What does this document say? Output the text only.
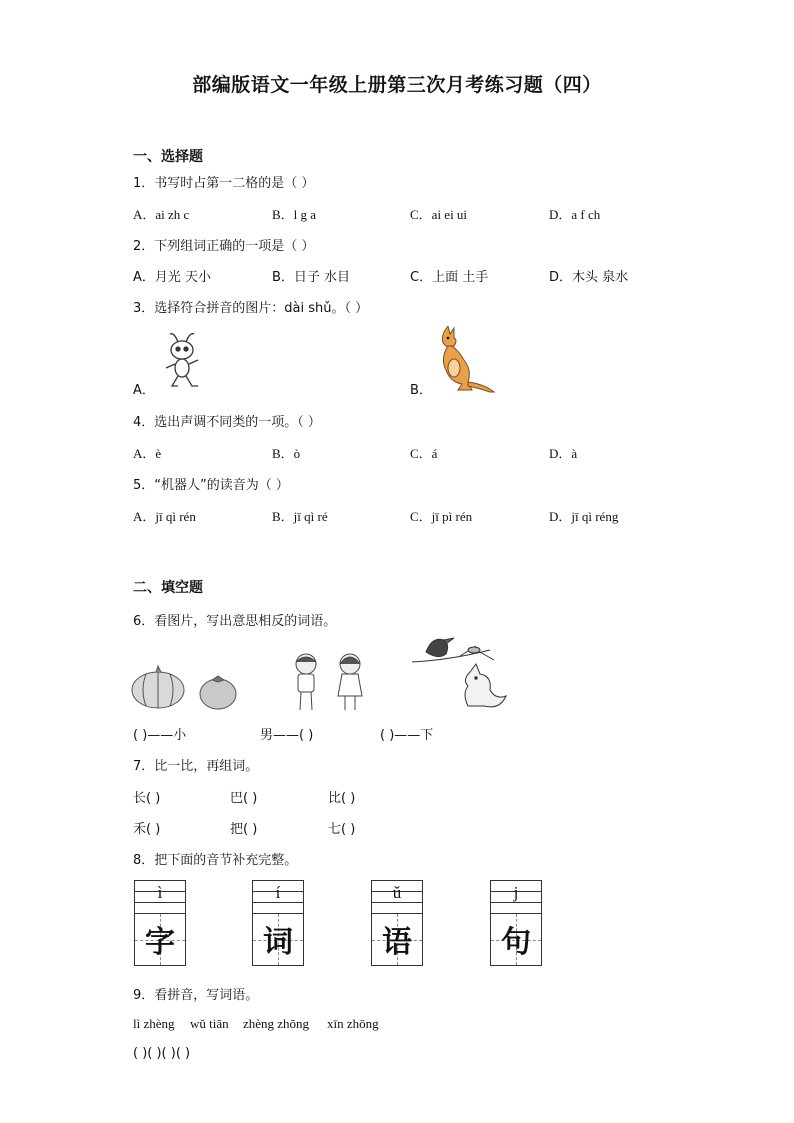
部编版语文一年级上册第三次月考练习题（四）
一、选择题
1．书写时占第一二格的是（ ）
A．ai zh c	B．l g a	C．ai ei ui	D．a f ch
2．下列组词正确的一项是（ ）
A．月光 天小	B．日子 水目	C．上面 土手	D．木头 泉水
3．选择符合拼音的图片：dài shǔ。（ ）
A．	B．
4．选出声调不同类的一项。（ ）
A．è	B．ò	C．á	D．à
5．“机器人”的读音为（ ）
A．jī qì rén	B．jī qì ré	C．jī pì rén	D．jī qì réng
二、填空题
6．看图片，写出意思相反的词语。
( )——小	男——( )	( )——下
7．比一比，再组词。
长( )	巴( )	比( )
禾( )	把( )	七( )
8．把下面的音节补充完整。
ì
字
í
词
ǔ
语
j
句
9．看拼音，写词语。
lì zhèng wǔ tiān zhèng zhōng xīn zhōng
( )( )( )( )
